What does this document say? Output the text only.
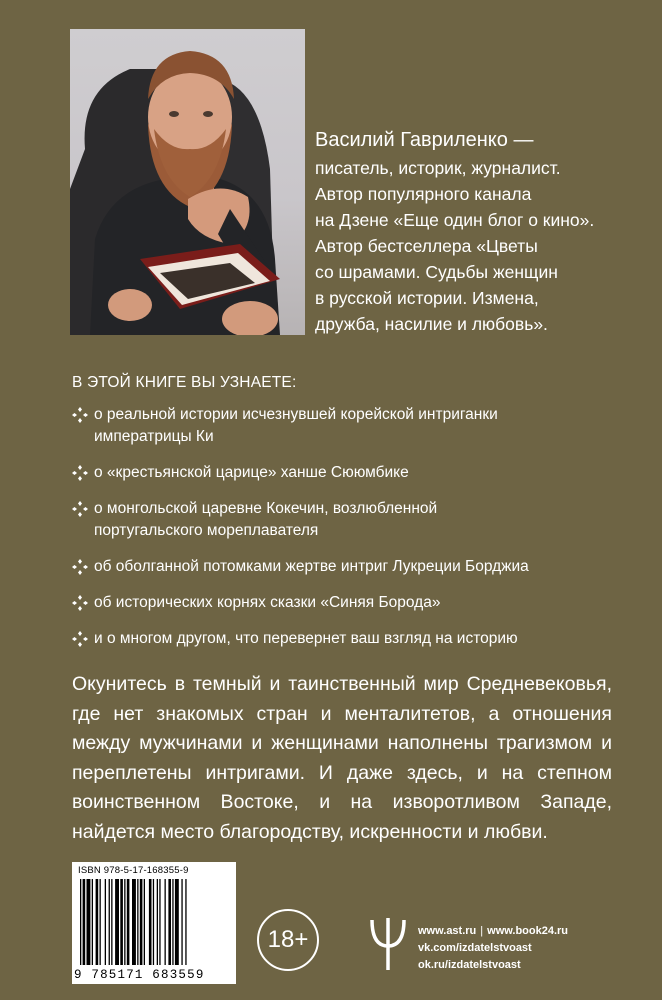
Василий Гавриленко —
писатель, историк, журналист.
Автор популярного канала
на Дзене «Еще один блог о кино».
Автор бестселлера «Цветы
со шрамами. Судьбы женщин
в русской истории. Измена,
дружба, насилие и любовь».
В ЭТОЙ КНИГЕ ВЫ УЗНАЕТЕ:
о реальной истории исчезнувшей корейской интриганки
императрицы Ки
о «крестьянской царице» ханше Сююмбике
о монгольской царевне Кокечин, возлюбленной
португальского мореплавателя
об оболганной потомками жертве интриг Лукреции Борджиа
об исторических корнях сказки «Синяя Борода»
и о многом другом, что перевернет ваш взгляд на историю

Окунитесь в темный и таинственный мир Средневековья, где нет знакомых стран и менталитетов, а отношения между мужчинами и женщинами наполнены трагизмом и переплетены интригами. И даже здесь, и на степном воинственном Востоке, и на изворотливом Западе, найдется место благородству, искренности и любви.

ISBN 978-5-17-168355-9
9 785171 683559
18+	www.ast.ru | www.book24.ru
vk.com/izdatelstvoast
ok.ru/izdatelstvoast
